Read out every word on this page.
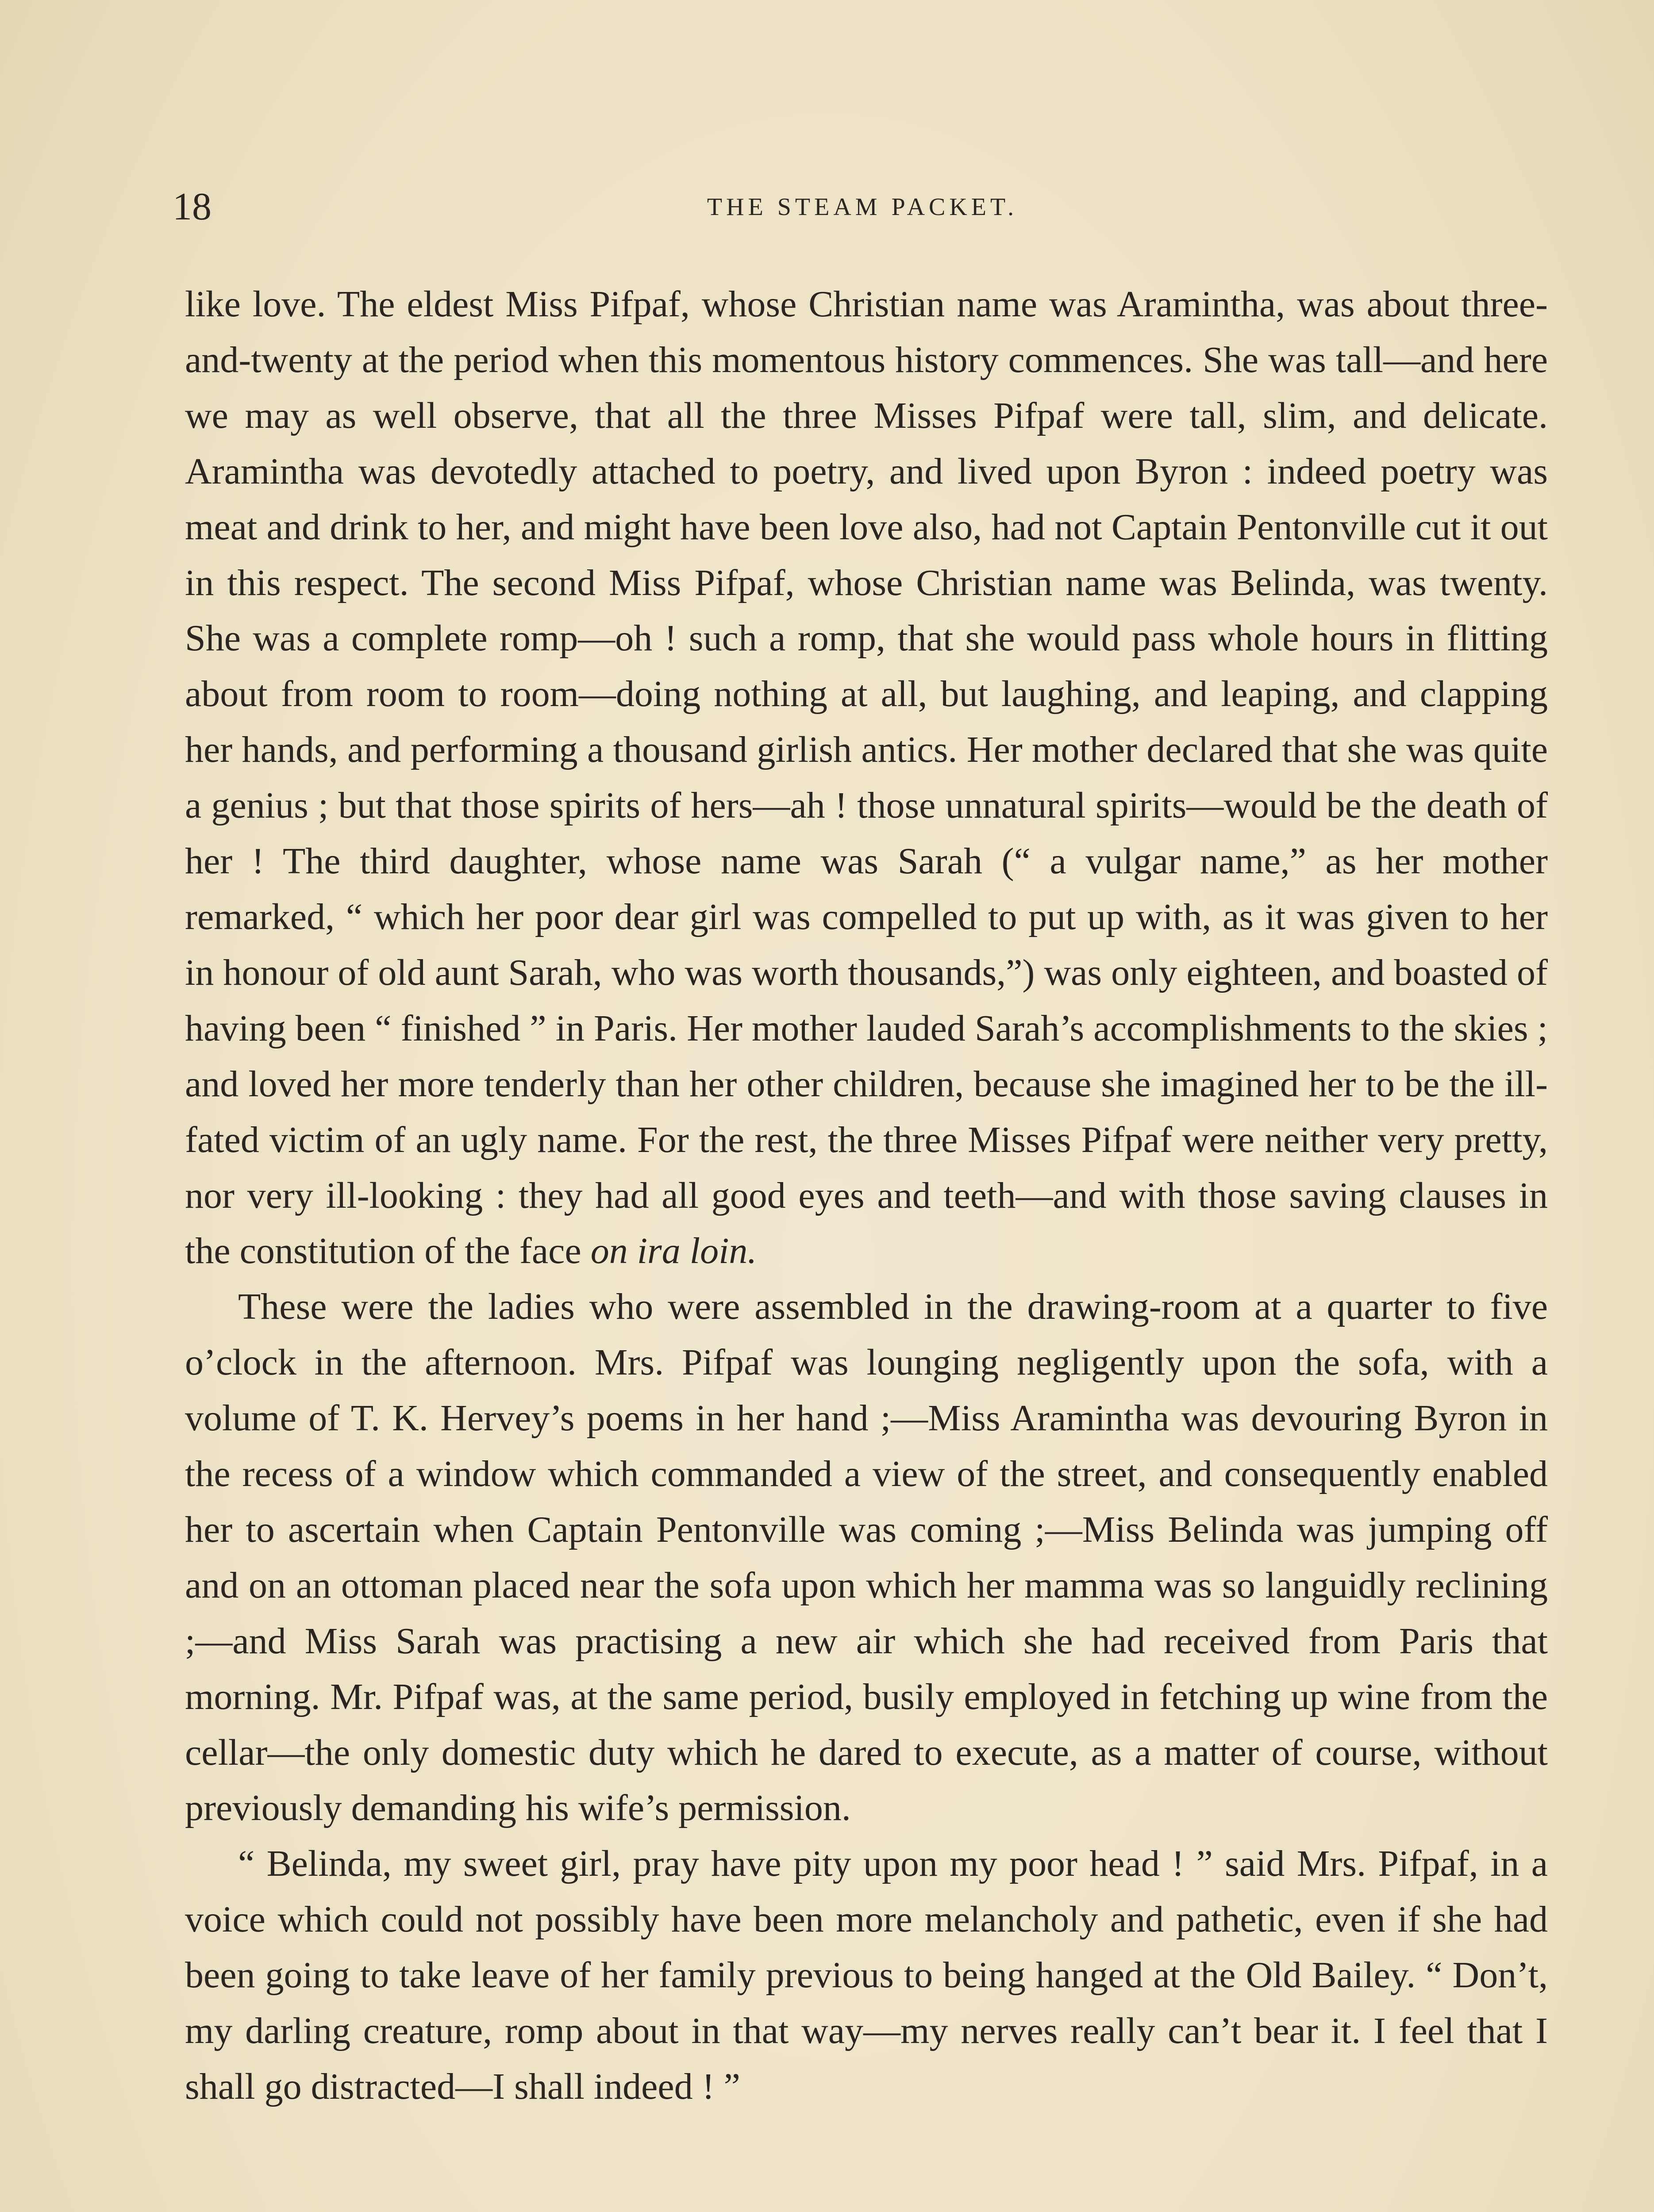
18	THE STEAM PACKET.

like love. The eldest Miss Pifpaf, whose Christian name was Aramintha, was about three-and-twenty at the period when this momentous history commences. She was tall—and here we may as well observe, that all the three Misses Pifpaf were tall, slim, and delicate. Aramintha was devotedly attached to poetry, and lived upon Byron : indeed poetry was meat and drink to her, and might have been love also, had not Captain Pentonville cut it out in this respect. The second Miss Pifpaf, whose Christian name was Belinda, was twenty. She was a complete romp—oh ! such a romp, that she would pass whole hours in flitting about from room to room—doing nothing at all, but laughing, and leaping, and clapping her hands, and performing a thousand girlish antics. Her mother declared that she was quite a genius ; but that those spirits of hers—ah ! those unnatural spirits—would be the death of her ! The third daughter, whose name was Sarah (“ a vulgar name,” as her mother remarked, “ which her poor dear girl was compelled to put up with, as it was given to her in honour of old aunt Sarah, who was worth thousands,”) was only eighteen, and boasted of having been “ finished ” in Paris. Her mother lauded Sarah’s accomplishments to the skies ; and loved her more tenderly than her other children, because she imagined her to be the ill-fated victim of an ugly name. For the rest, the three Misses Pifpaf were neither very pretty, nor very ill-looking : they had all good eyes and teeth—and with those saving clauses in the constitution of the face on ira loin.

These were the ladies who were assembled in the drawing-room at a quarter to five o’clock in the afternoon. Mrs. Pifpaf was lounging negligently upon the sofa, with a volume of T. K. Hervey’s poems in her hand ;—Miss Aramintha was devouring Byron in the recess of a window which commanded a view of the street, and consequently enabled her to ascertain when Captain Pentonville was coming ;—Miss Belinda was jumping off and on an ottoman placed near the sofa upon which her mamma was so languidly reclining ;—and Miss Sarah was practising a new air which she had received from Paris that morning. Mr. Pifpaf was, at the same period, busily employed in fetching up wine from the cellar—the only domestic duty which he dared to execute, as a matter of course, without previously demanding his wife’s permission.

“ Belinda, my sweet girl, pray have pity upon my poor head ! ” said Mrs. Pifpaf, in a voice which could not possibly have been more melancholy and pathetic, even if she had been going to take leave of her family previous to being hanged at the Old Bailey. “ Don’t, my darling creature, romp about in that way—my nerves really can’t bear it. I feel that I shall go distracted—I shall indeed ! ”
